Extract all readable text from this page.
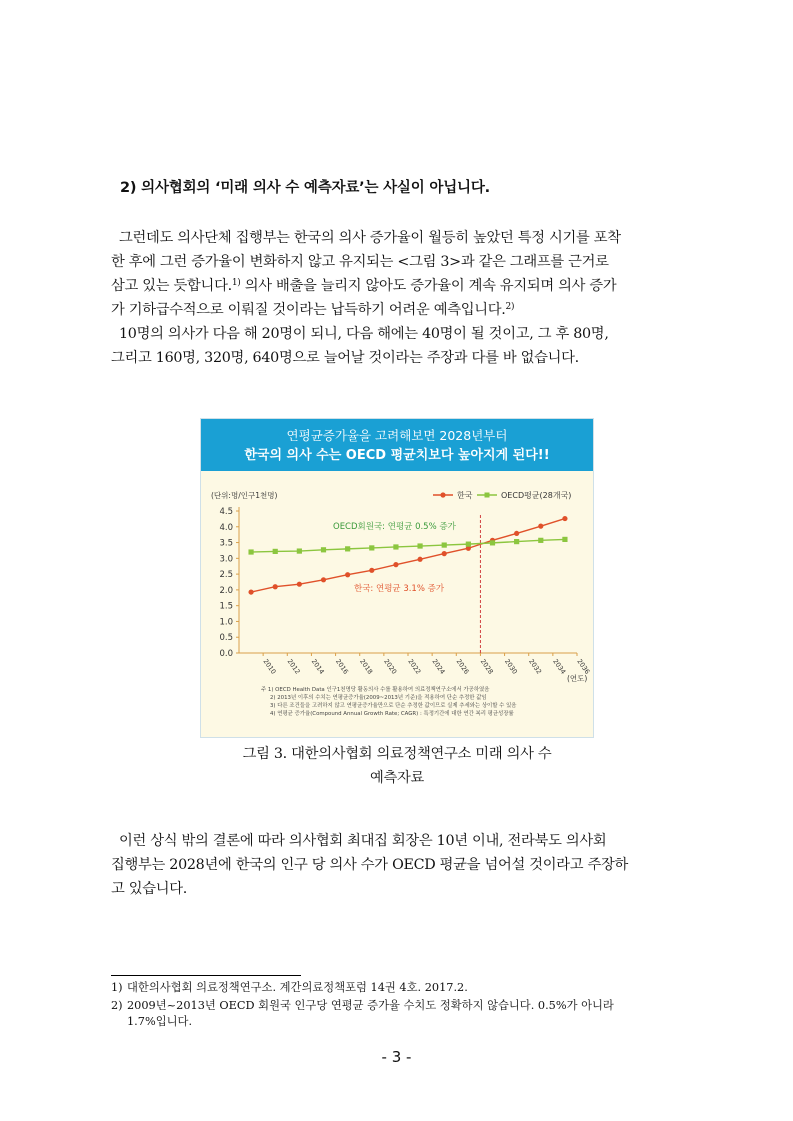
2) 의사협회의 ‘미래 의사 수 예측자료’는 사실이 아닙니다.
그런데도 의사단체 집행부는 한국의 의사 증가율이 월등히 높았던 특정 시기를 포착
한 후에 그런 증가율이 변화하지 않고 유지되는 <그림 3>과 같은 그래프를 근거로
삼고 있는 듯합니다.$^{1)}$ 의사 배출을 늘리지 않아도 증가율이 계속 유지되며 의사 증가
가 기하급수적으로 이뤄질 것이라는 납득하기 어려운 예측입니다.$^{2)}$
10명의 의사가 다음 해 20명이 되니, 다음 해에는 40명이 될 것이고, 그 후 80명,
그리고 160명, 320명, 640명으로 늘어날 것이라는 주장과 다를 바 없습니다.
연평균증가율을 고려해보면 2028년부터
한국의 의사 수는 OECD 평균치보다 높아지게 된다!!
(단위:명/인구1천명)	한국	OECD평균(28개국)
4.5
4.0
3.5
3.0
2.5
2.0
1.5
1.0
0.5
0.0
2010 2012 2014 2016 2018 2020 2022 2024 2026 2028 2030 2032 2034 2036
OECD회원국: 연평균 0.5% 증가
한국: 연평균 3.1% 증가
(연도)
주 1) OECD Health Data 인구1천명당 활동의사 수를 활용하여 의료정책연구소에서 가공하였음
2) 2013년 이후의 수치는 연평균증가율(2009~2013년 기준)을 적용하여 단순 추정한 값임
3) 다른 조건들을 고려하지 않고 연평균증가율만으로 단순 추정한 값이므로 실제 추세와는 상이할 수 있음
4) 연평균 증가율(Compound Annual Growth Rate; CAGR) : 특정기간에 대한 연간 복리 평균성장률
그림 3. 대한의사협회 의료정책연구소 미래 의사 수
예측자료
이런 상식 밖의 결론에 따라 의사협회 최대집 회장은 10년 이내, 전라북도 의사회
집행부는 2028년에 한국의 인구 당 의사 수가 OECD 평균을 넘어설 것이라고 주장하
고 있습니다.
1) 대한의사협회 의료정책연구소. 계간의료정책포럼 14권 4호. 2017.2.
2) 2009년~2013년 OECD 회원국 인구당 연평균 증가율 수치도 정확하지 않습니다. 0.5%가 아니라
1.7%입니다.
- 3 -
